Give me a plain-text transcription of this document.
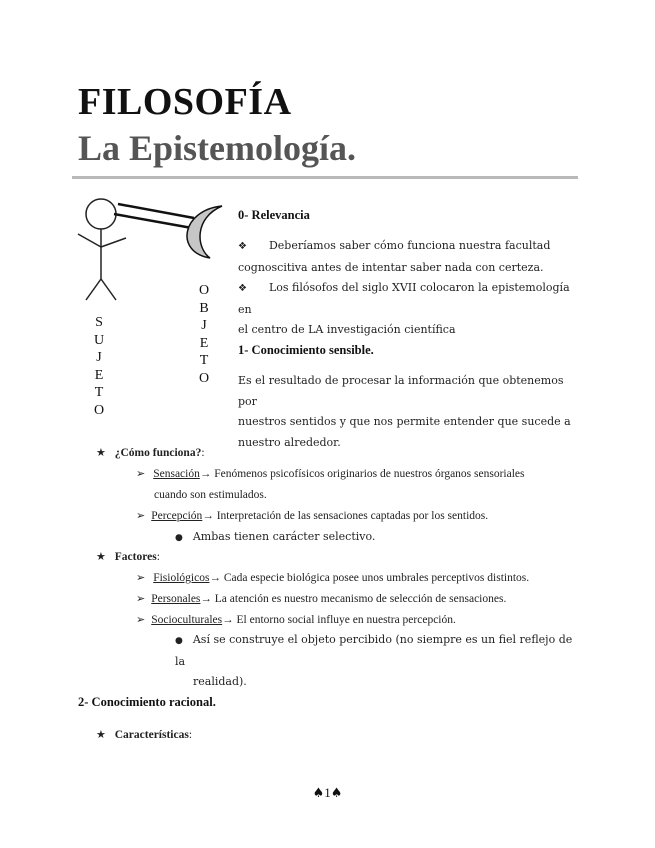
FILOSOFÍA
La Epistemología.
S
U
J
E
T
O
O
B
J
E
T
O
0- Relevancia
❖ Deberíamos saber cómo funciona nuestra facultad
cognoscitiva antes de intentar saber nada con certeza.
❖ Los filósofos del siglo XVII colocaron la epistemología en
el centro de LA investigación científica
1- Conocimiento sensible.
Es el resultado de procesar la información que obtenemos por
nuestros sentidos y que nos permite entender que sucede a
nuestro alrededor.
★ ¿Cómo funciona?:
➢ Sensación→ Fenómenos psicofísicos originarios de nuestros órganos sensoriales
cuando son estimulados.
➢ Percepción→ Interpretación de las sensaciones captadas por los sentidos.
● Ambas tienen carácter selectivo.
★ Factores:
➢ Fisiológicos→ Cada especie biológica posee unos umbrales perceptivos distintos.
➢ Personales→ La atención es nuestro mecanismo de selección de sensaciones.
➢ Socioculturales→ El entorno social influye en nuestra percepción.
● Así se construye el objeto percibido (no siempre es un fiel reflejo de la
realidad).
2- Conocimiento racional.
★ Características:
♠1♠
